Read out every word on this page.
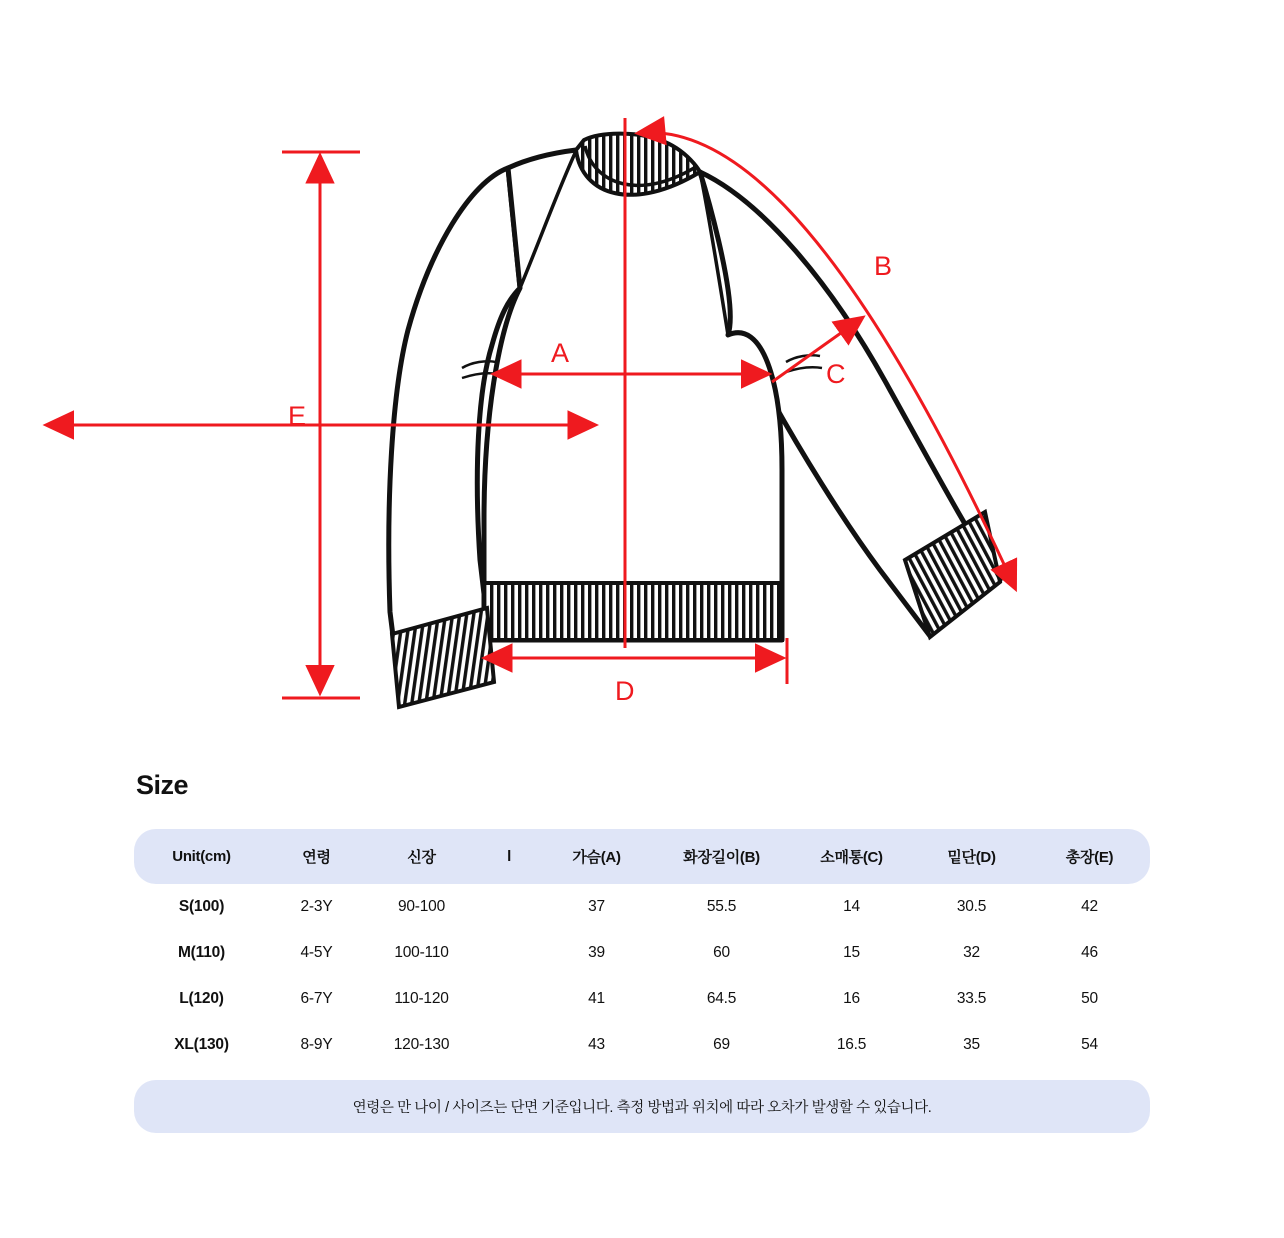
E
A
B
C
D
Size
Unit(cm)	연령	신장	l	가슴(A)	화장길이(B)	소매통(C)	밑단(D)	총장(E)
S(100)	2-3Y	90-100		37	55.5	14	30.5	42
M(110)	4-5Y	100-110		39	60	15	32	46
L(120)	6-7Y	110-120		41	64.5	16	33.5	50
XL(130)	8-9Y	120-130		43	69	16.5	35	54
연령은 만 나이 / 사이즈는 단면 기준입니다. 측정 방법과 위치에 따라 오차가 발생할 수 있습니다.
